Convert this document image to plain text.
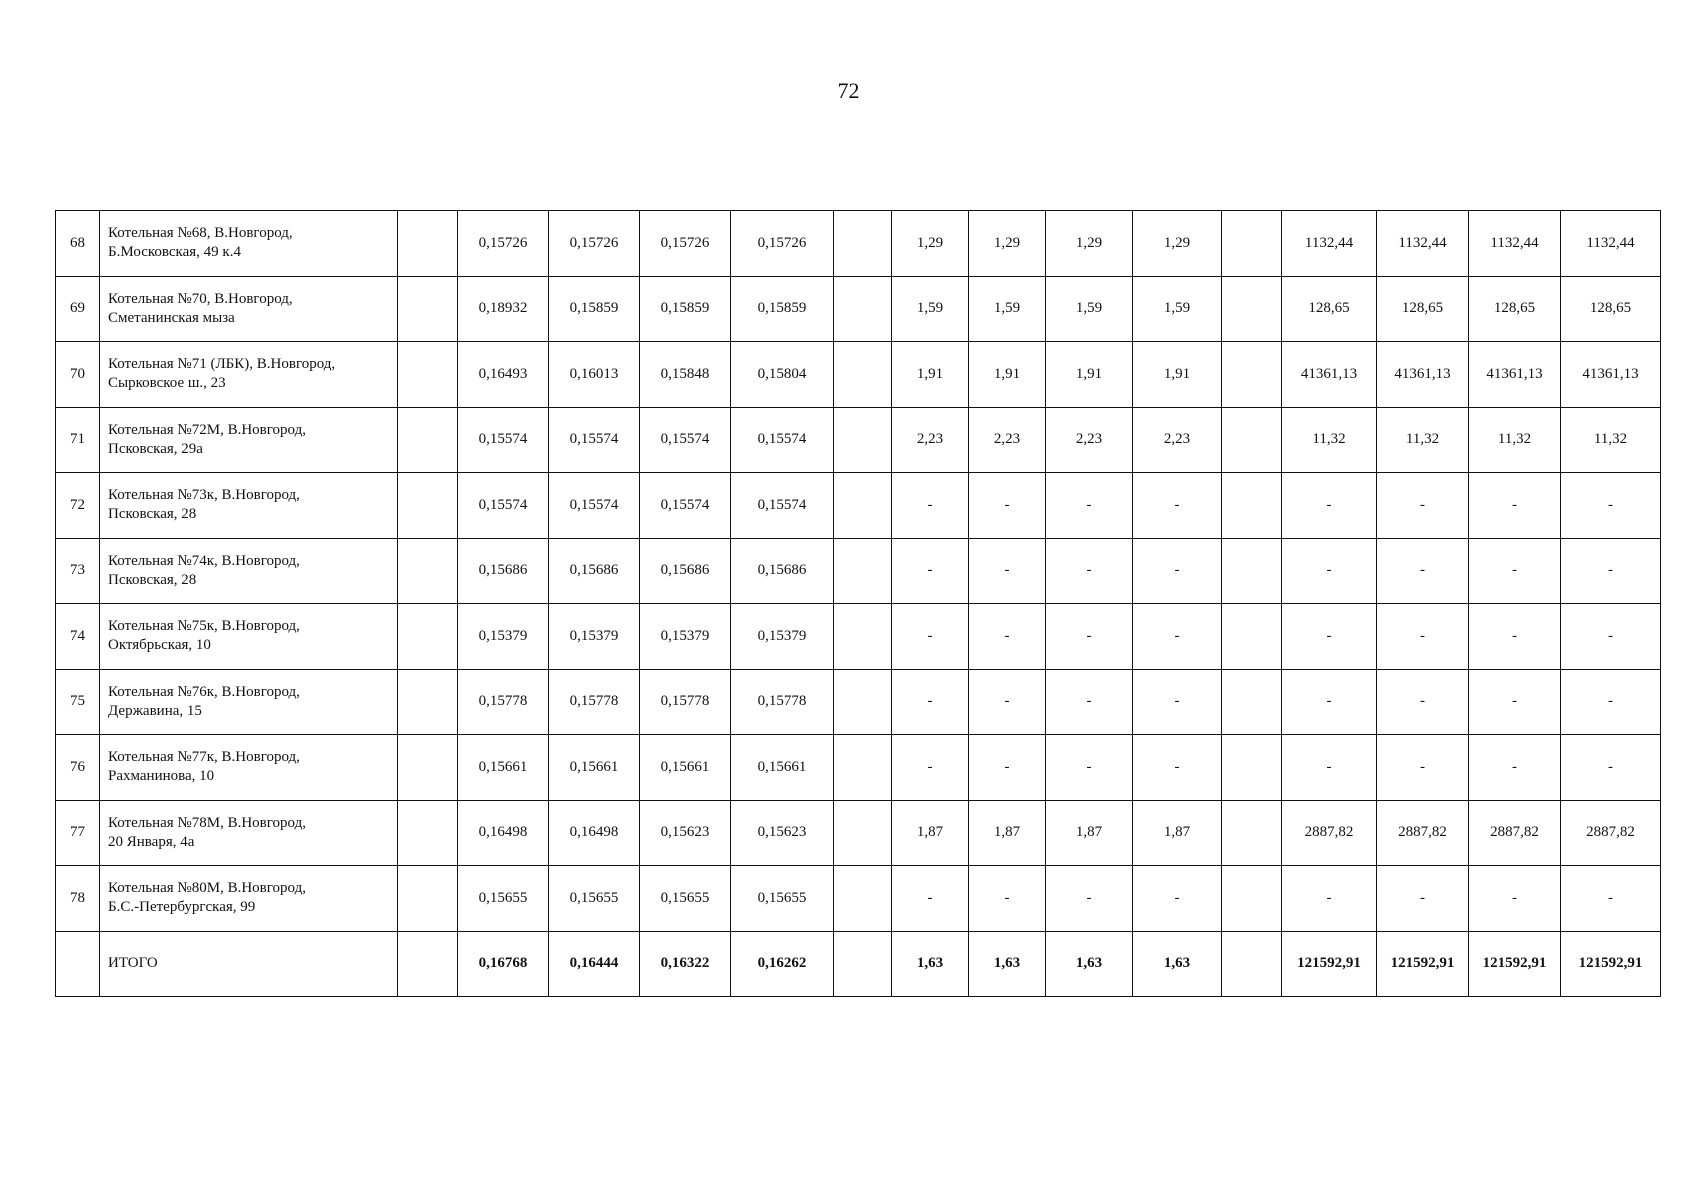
72
68	Котельная №68, В.Новгород,
Б.Московская, 49 к.4		0,15726	0,15726	0,15726	0,15726		1,29	1,29	1,29	1,29		1132,44	1132,44	1132,44	1132,44
69	Котельная №70, В.Новгород,
Сметанинская мыза		0,18932	0,15859	0,15859	0,15859		1,59	1,59	1,59	1,59		128,65	128,65	128,65	128,65
70	Котельная №71 (ЛБК), В.Новгород,
Сырковское ш., 23		0,16493	0,16013	0,15848	0,15804		1,91	1,91	1,91	1,91		41361,13	41361,13	41361,13	41361,13
71	Котельная №72М, В.Новгород,
Псковская, 29а		0,15574	0,15574	0,15574	0,15574		2,23	2,23	2,23	2,23		11,32	11,32	11,32	11,32
72	Котельная №73к, В.Новгород,
Псковская, 28		0,15574	0,15574	0,15574	0,15574		-	-	-	-		-	-	-	-
73	Котельная №74к, В.Новгород,
Псковская, 28		0,15686	0,15686	0,15686	0,15686		-	-	-	-		-	-	-	-
74	Котельная №75к, В.Новгород,
Октябрьская, 10		0,15379	0,15379	0,15379	0,15379		-	-	-	-		-	-	-	-
75	Котельная №76к, В.Новгород,
Державина, 15		0,15778	0,15778	0,15778	0,15778		-	-	-	-		-	-	-	-
76	Котельная №77к, В.Новгород,
Рахманинова, 10		0,15661	0,15661	0,15661	0,15661		-	-	-	-		-	-	-	-
77	Котельная №78М, В.Новгород,
20 Января, 4а		0,16498	0,16498	0,15623	0,15623		1,87	1,87	1,87	1,87		2887,82	2887,82	2887,82	2887,82
78	Котельная №80М, В.Новгород,
Б.С.-Петербургская, 99		0,15655	0,15655	0,15655	0,15655		-	-	-	-		-	-	-	-
	ИТОГО		0,16768	0,16444	0,16322	0,16262		1,63	1,63	1,63	1,63		121592,91	121592,91	121592,91	121592,91
